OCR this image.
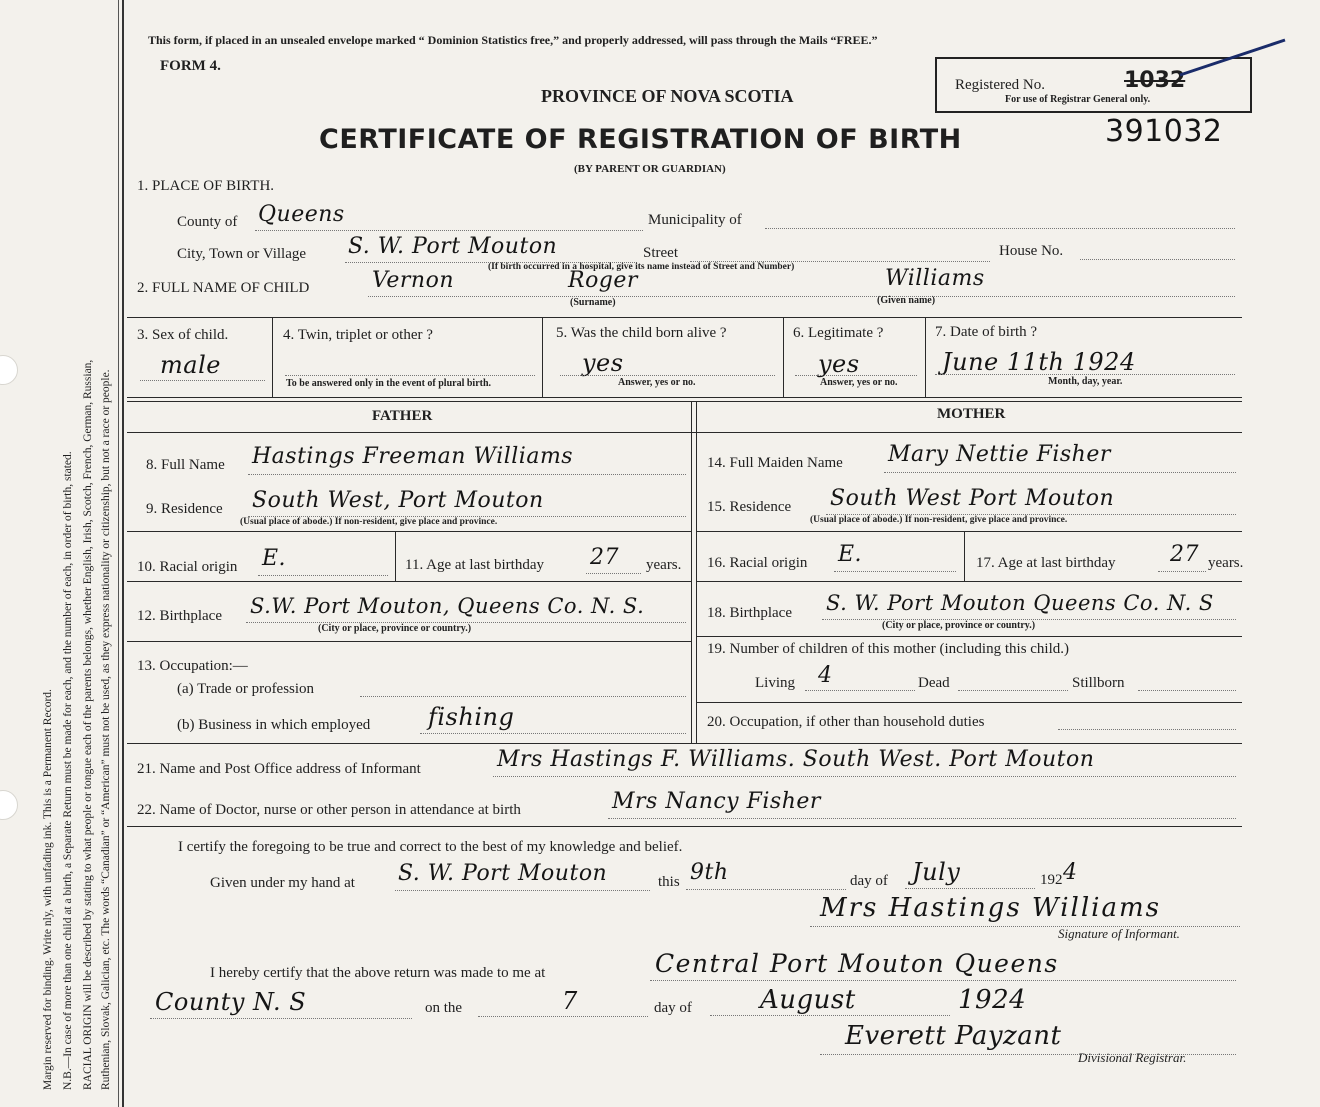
Margin reserved for binding. Write nly, with unfading ink. This is a Permanent Record. N.B.—In case of more than one child at a birth, a Separate Return must be made for each, and the number of each, in order of birth, stated. RACIAL ORIGIN will be described by stating to what people or tongue each of the parents belongs, whether English, Irish, Scotch, French, German, Russian, Ruthenian, Slovak, Galician, etc. The words “Canadian” or “American” must not be used, as they express nationality or citizenship, but not a race or people.
This form, if placed in an unsealed envelope marked “ Dominion Statistics free,” and properly addressed, will pass through the Mails “FREE.”
FORM 4.
PROVINCE OF NOVA SCOTIA
CERTIFICATE OF REGISTRATION OF BIRTH
(BY PARENT OR GUARDIAN)
Registered No.	1032
For use of Registrar General only.
391032
1. PLACE OF BIRTH.
County of Queens	Municipality of
City, Town or Village S. W. Port Mouton	Street	House No.
(If birth occurred in a hospital, give its name instead of Street and Number)
2. FULL NAME OF CHILD	Vernon	Roger	Williams
(Surname)	(Given name)
3. Sex of child.
male
4. Twin, triplet or other ?
To be answered only in the event of plural birth.
5. Was the child born alive ?
yes
Answer, yes or no.
6. Legitimate ?
yes
Answer, yes or no.
7. Date of birth ?
June 11th 1924
Month, day, year.
FATHER	MOTHER
8. Full Name Hastings Freeman Williams
9. Residence South West, Port Mouton
(Usual place of abode.) If non-resident, give place and province.
10. Racial origin E.	11. Age at last birthday 27 years.
12. Birthplace S.W. Port Mouton, Queens Co. N. S.
(City or place, province or country.)
13. Occupation:—
(a) Trade or profession
(b) Business in which employed fishing
14. Full Maiden Name Mary Nettie Fisher
15. Residence South West Port Mouton
(Usual place of abode.) If non-resident, give place and province.
16. Racial origin E.	17. Age at last birthday 27 years.
18. Birthplace S. W. Port Mouton Queens Co. N. S
(City or place, province or country.)
19. Number of children of this mother (including this child.)
Living 4	Dead	Stillborn
20. Occupation, if other than household duties
21. Name and Post Office address of Informant	Mrs Hastings F. Williams. South West. Port Mouton
22. Name of Doctor, nurse or other person in attendance at birth	Mrs Nancy Fisher
I certify the foregoing to be true and correct to the best of my knowledge and belief.
Given under my hand at S. W. Port Mouton	this 9th	day of July	192 4
Mrs Hastings Williams
Signature of Informant.
I hereby certify that the above return was made to me at	Central Port Mouton Queens
County N. S	on the	7	day of	August	1924
Everett Payzant
Divisional Registrar.
